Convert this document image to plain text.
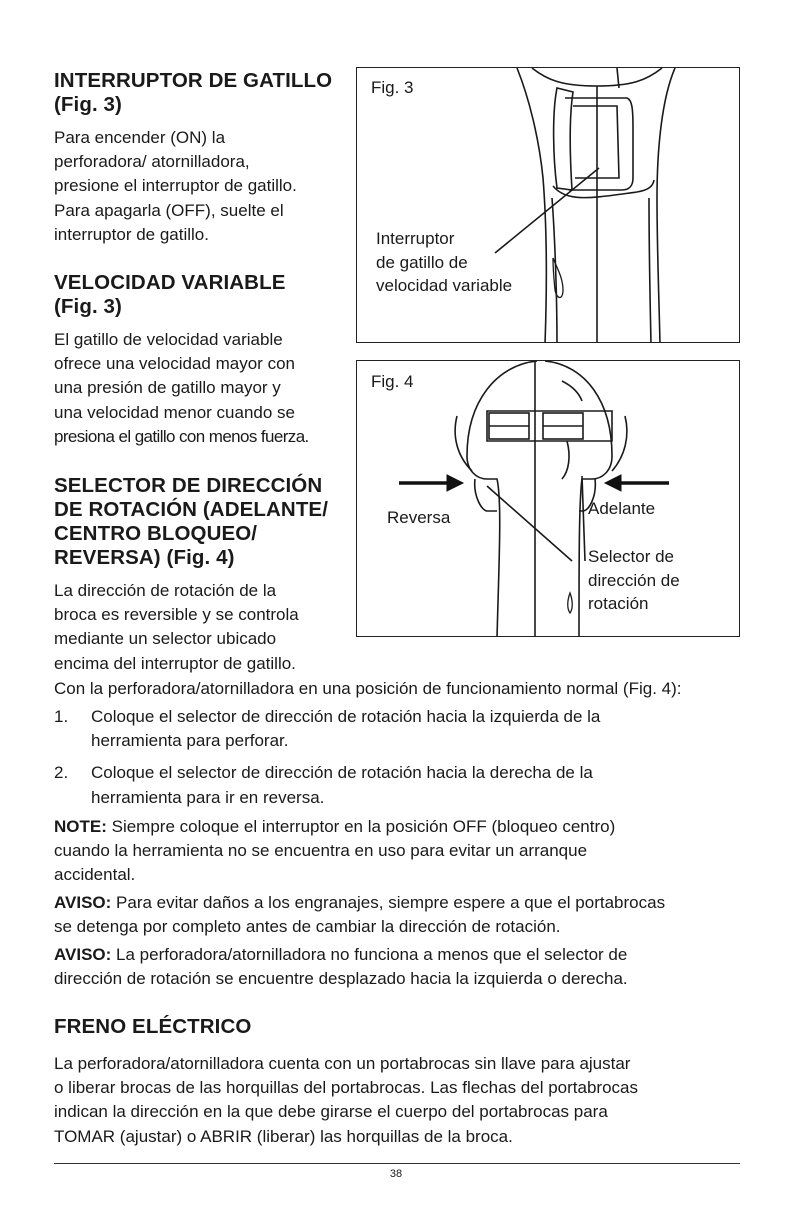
INTERRUPTOR DE GATILLO
(Fig. 3)
Para encender (ON) la
perforadora/ atornilladora,
presione el interruptor de gatillo.
Para apagarla (OFF), suelte el
interruptor de gatillo.
VELOCIDAD VARIABLE
(Fig. 3)
El gatillo de velocidad variable
ofrece una velocidad mayor con
una presión de gatillo mayor y
una velocidad menor cuando se
presiona el gatillo con menos fuerza.
SELECTOR DE DIRECCIÓN
DE ROTACIÓN (ADELANTE/
CENTRO BLOQUEO/
REVERSA) (Fig. 4)
La dirección de rotación de la
broca es reversible y se controla
mediante un selector ubicado
encima del interruptor de gatillo.
Fig. 3
Interruptor
de gatillo de
velocidad variable
Fig. 4
Reversa	Adelante
Selector de
dirección de
rotación
Con la perforadora/atornilladora en una posición de funcionamiento normal (Fig. 4):
1. Coloque el selector de dirección de rotación hacia la izquierda de la
herramienta para perforar.
2. Coloque el selector de dirección de rotación hacia la derecha de la
herramienta para ir en reversa.
NOTE: Siempre coloque el interruptor en la posición OFF (bloqueo centro)
cuando la herramienta no se encuentra en uso para evitar un arranque
accidental.
AVISO: Para evitar daños a los engranajes, siempre espere a que el portabrocas
se detenga por completo antes de cambiar la dirección de rotación.
AVISO: La perforadora/atornilladora no funciona a menos que el selector de
dirección de rotación se encuentre desplazado hacia la izquierda o derecha.
FRENO ELÉCTRICO
La perforadora/atornilladora cuenta con un portabrocas sin llave para ajustar
o liberar brocas de las horquillas del portabrocas. Las flechas del portabrocas
indican la dirección en la que debe girarse el cuerpo del portabrocas para
TOMAR (ajustar) o ABRIR (liberar) las horquillas de la broca.
38
